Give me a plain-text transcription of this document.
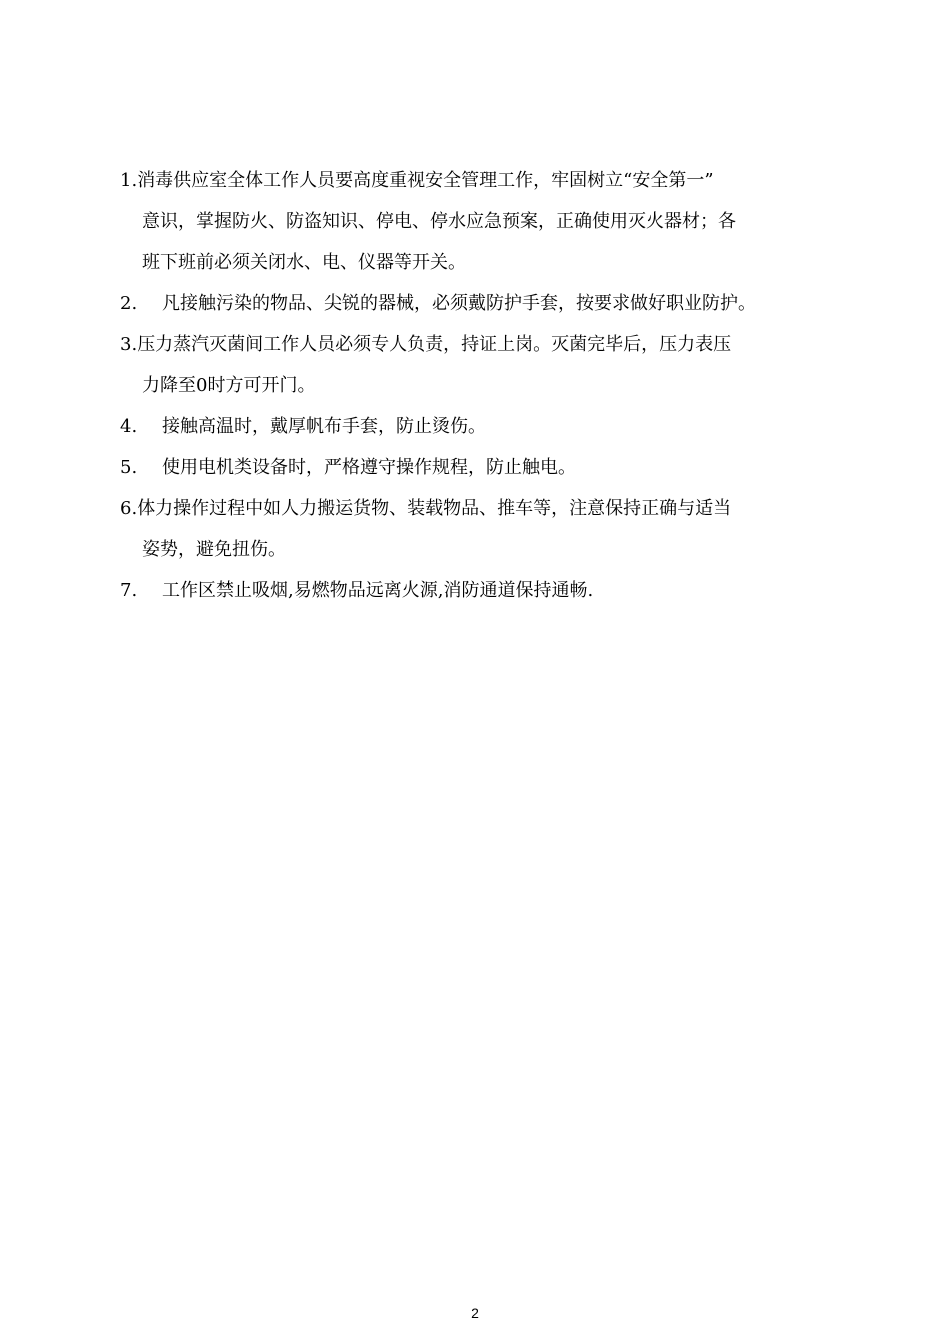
1.消毒供应室全体工作人员要高度重视安全管理工作，牢固树立“安全第一”
意识，掌握防火、防盗知识、停电、停水应急预案，正确使用灭火器材；各
班下班前必须关闭水、电、仪器等开关。
2. 凡接触污染的物品、尖锐的器械，必须戴防护手套，按要求做好职业防护。
3.压力蒸汽灭菌间工作人员必须专人负责，持证上岗。灭菌完毕后，压力表压
力降至0时方可开门。
4. 接触高温时，戴厚帆布手套，防止烫伤。
5. 使用电机类设备时，严格遵守操作规程，防止触电。
6.体力操作过程中如人力搬运货物、装载物品、推车等，注意保持正确与适当
姿势，避免扭伤。
7. 工作区禁止吸烟,易燃物品远离火源,消防通道保持通畅.
2
